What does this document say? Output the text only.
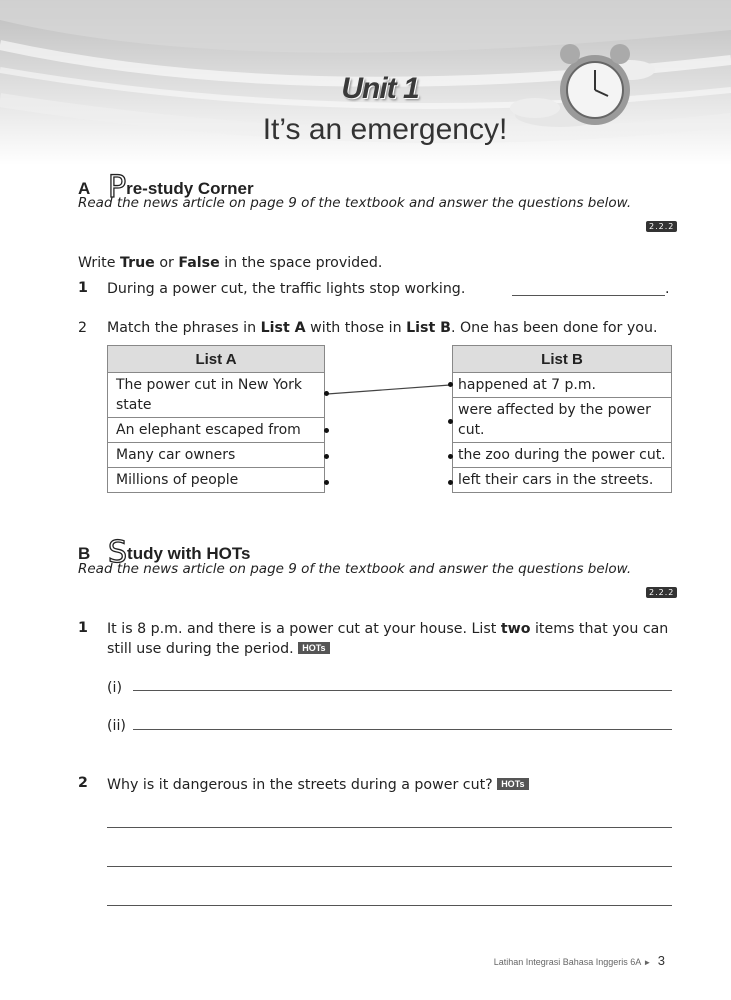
Unit 1
It’s an emergency!
A Pre-study Corner
Read the news article on page 9 of the textbook and answer the questions below.
2.2.2
Write True or False in the space provided.
1 During a power cut, the traffic lights stop working.	.
2 Match the phrases in List A with those in List B. One has been done for you.
List A
The power cut in New York state
An elephant escaped from
Many car owners
Millions of people
List B
happened at 7 p.m.
were affected by the power cut.
the zoo during the power cut.
left their cars in the streets.
B Study with HOTs
Read the news article on page 9 of the textbook and answer the questions below.
2.2.2
1 It is 8 p.m. and there is a power cut at your house. List two items that you can
still use during the period. HOTs
(i)
(ii)
2 Why is it dangerous in the streets during a power cut? HOTs
Latihan Integrasi Bahasa Inggeris 6A ► 3
